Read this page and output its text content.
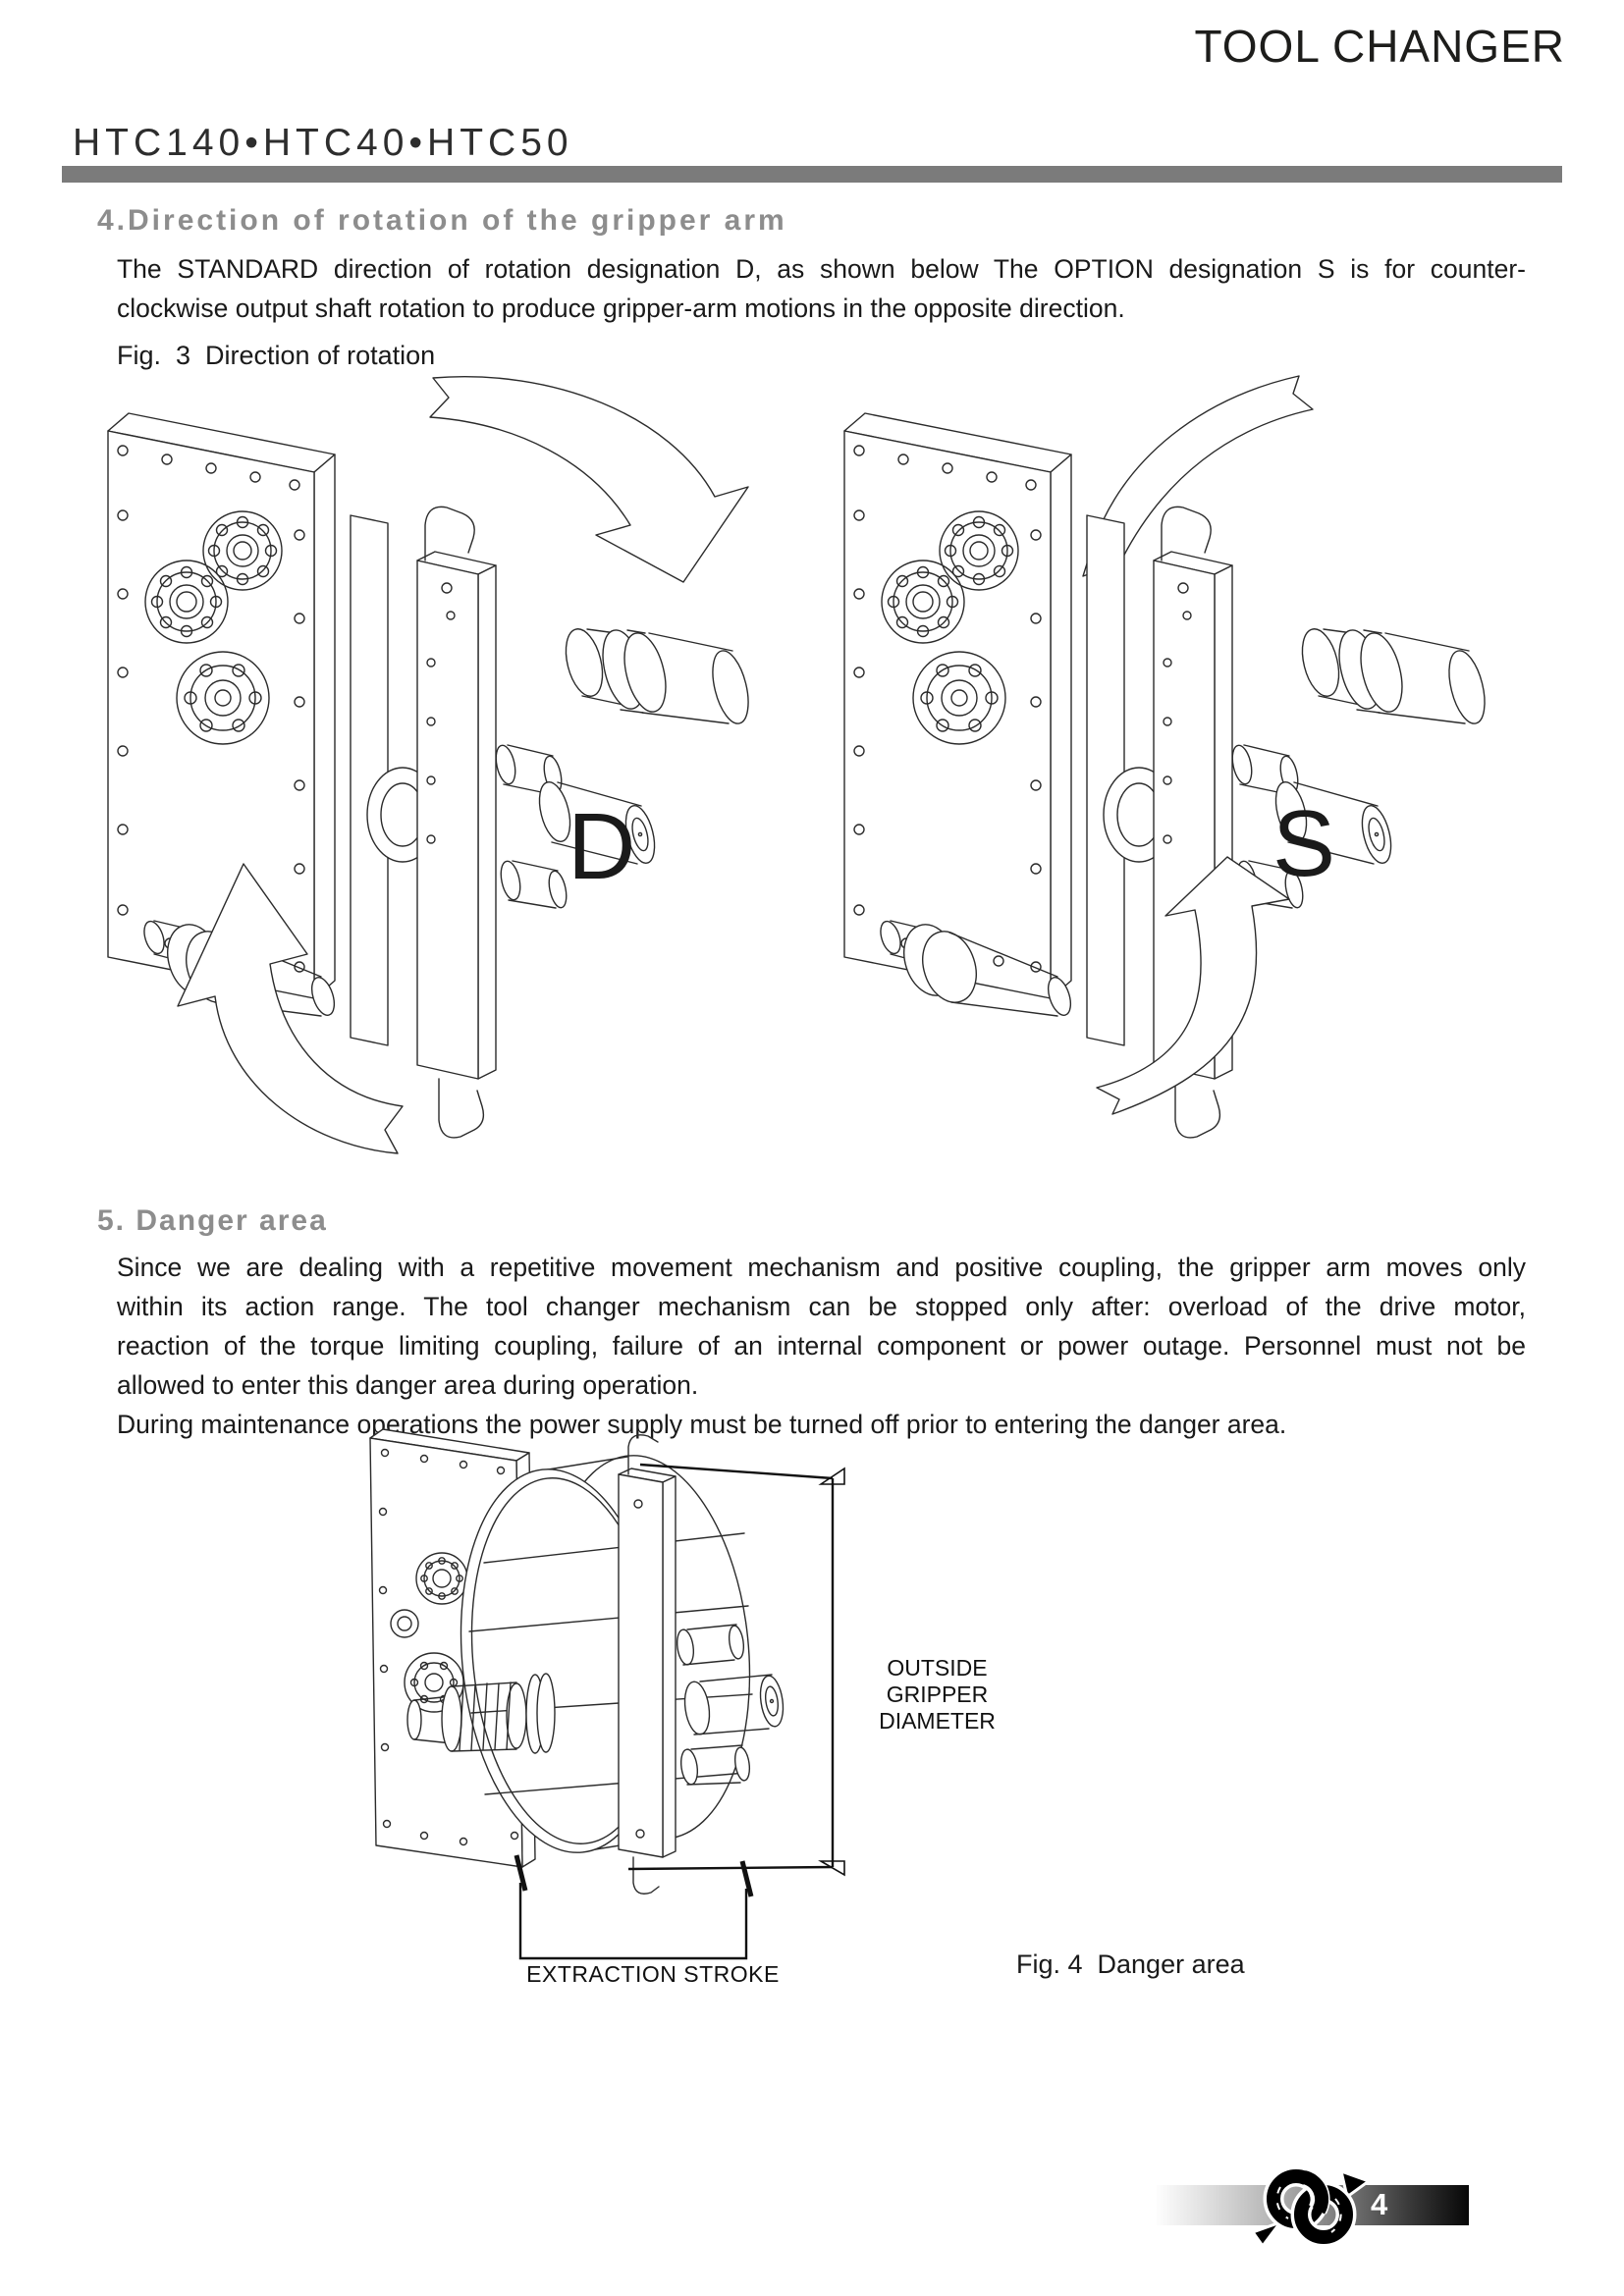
TOOL CHANGER
HTC140•HTC40•HTC50
4.Direction of rotation of the gripper arm
The STANDARD direction of rotation designation D, as shown below The OPTION designation S is for counter-
clockwise output shaft rotation to produce gripper-arm motions in the opposite direction.
Fig.  3  Direction of rotation
D	S
5. Danger area
Since we are dealing with a repetitive movement mechanism and positive coupling, the gripper arm moves only
within its action range. The tool changer mechanism can be stopped only after: overload of the drive motor,
reaction of the torque limiting coupling, failure of an internal component or power outage. Personnel must not be
allowed to enter this danger area during operation.
During maintenance operations the power supply must be turned off prior to entering the danger area.
OUTSIDE GRIPPER DIAMETER
EXTRACTION STROKE	Fig. 4  Danger area
4
